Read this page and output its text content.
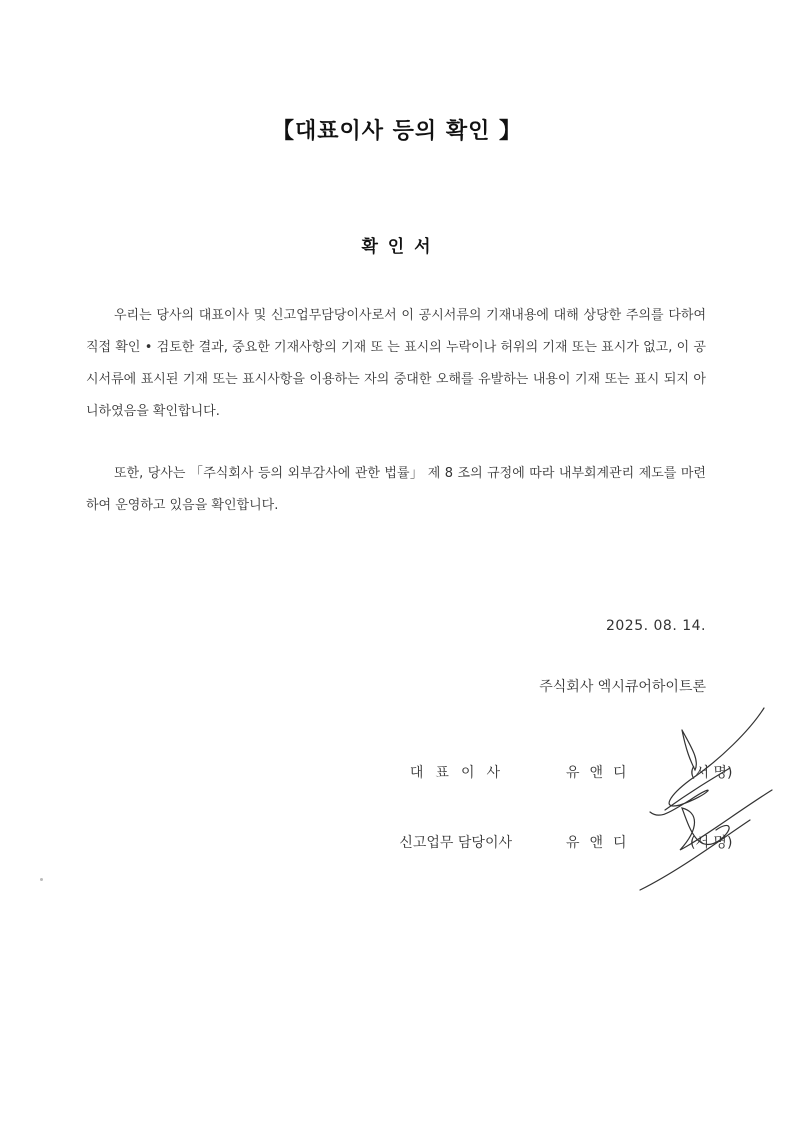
【대표이사 등의 확인 】
확 인 서

우리는 당사의 대표이사 및 신고업무담당이사로서 이 공시서류의 기재내용에 대해 상당한 주의를 다하여 직접 확인 • 검토한 결과, 중요한 기재사항의 기재 또 는 표시의 누락이나 허위의 기재 또는 표시가 없고, 이 공시서류에 표시된 기재 또는 표시사항을 이용하는 자의 중대한 오해를 유발하는 내용이 기재 또는 표시 되지 아니하였음을 확인합니다.

또한, 당사는 「주식회사 등의 외부감사에 관한 법률」 제 8 조의 규정에 따라 내부회계관리 제도를 마련하여 운영하고 있음을 확인합니다.

2025. 08. 14.
주식회사 엑시큐어하이트론
대표이사	유앤디	(서 명)
신고업무 담당이사	유앤디	(서 명)
